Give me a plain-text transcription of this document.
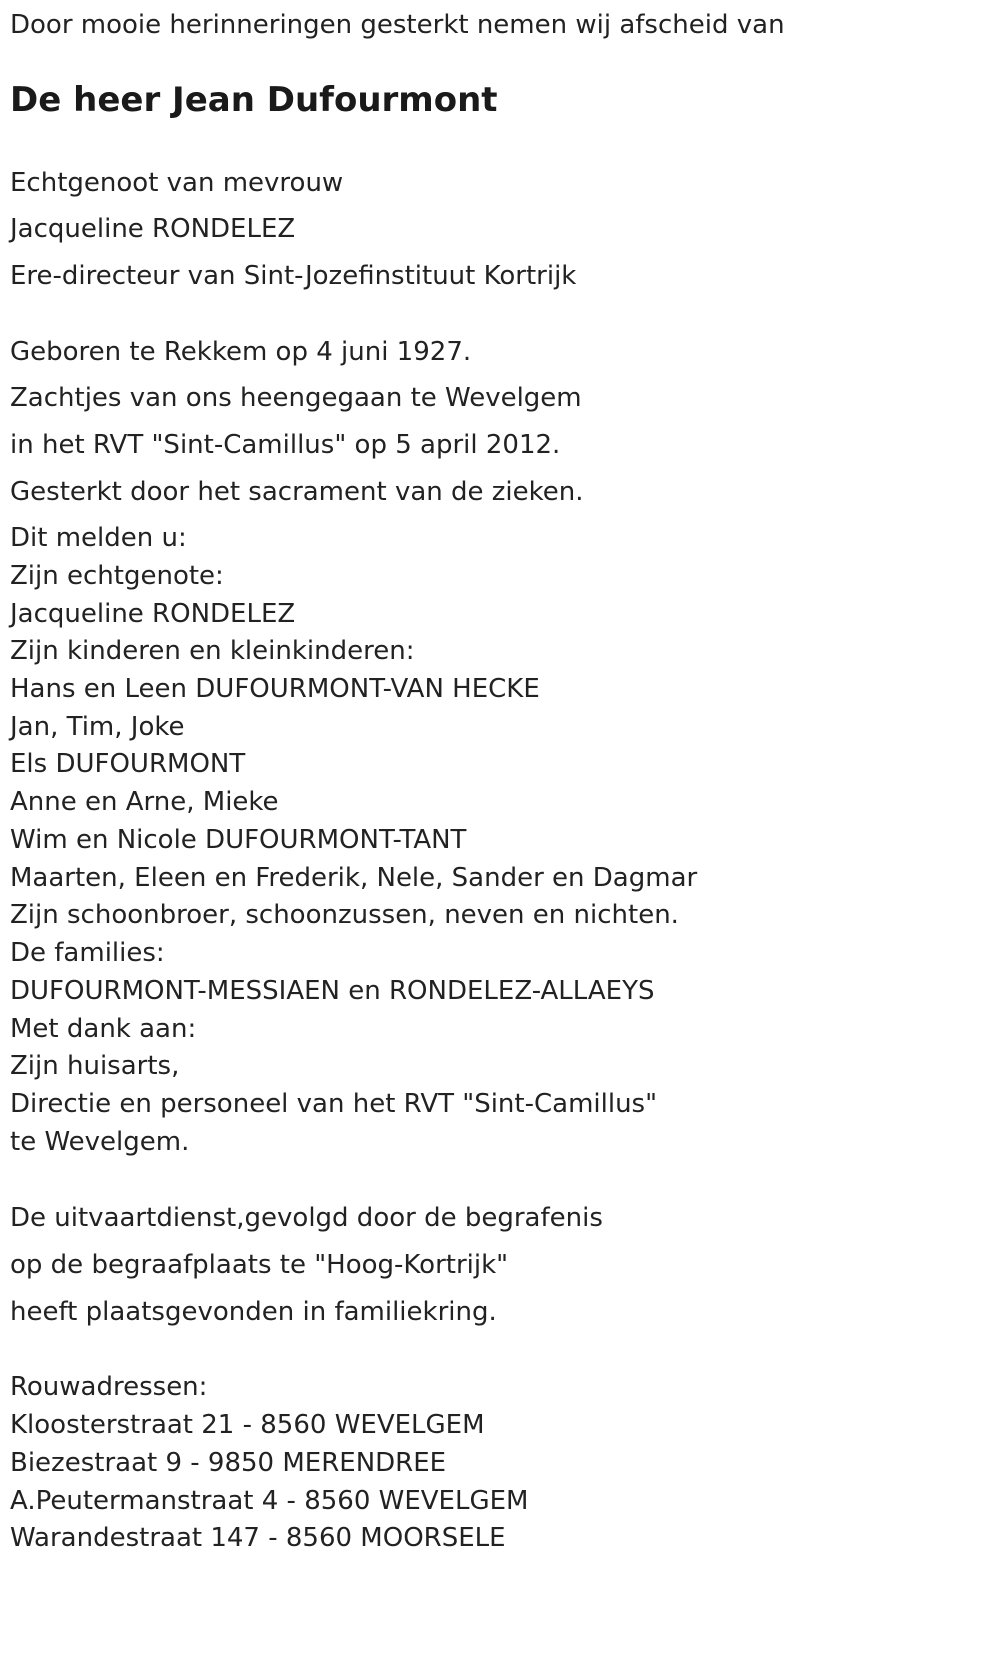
Door mooie herinneringen gesterkt nemen wij afscheid van

De heer Jean Dufourmont

Echtgenoot van mevrouw

Jacqueline RONDELEZ

Ere-directeur van Sint-Jozefinstituut Kortrijk

Geboren te Rekkem op 4 juni 1927.

Zachtjes van ons heengegaan te Wevelgem

in het RVT "Sint-Camillus" op 5 april 2012.

Gesterkt door het sacrament van de zieken.

Dit melden u:

Zijn echtgenote:

Jacqueline RONDELEZ

Zijn kinderen en kleinkinderen:

Hans en Leen DUFOURMONT-VAN HECKE

Jan, Tim, Joke

Els DUFOURMONT

Anne en Arne, Mieke

Wim en Nicole DUFOURMONT-TANT

Maarten, Eleen en Frederik, Nele, Sander en Dagmar

Zijn schoonbroer, schoonzussen, neven en nichten.

De families:

DUFOURMONT-MESSIAEN en RONDELEZ-ALLAEYS

Met dank aan:

Zijn huisarts,

Directie en personeel van het RVT "Sint-Camillus"

te Wevelgem.

De uitvaartdienst,gevolgd door de begrafenis

op de begraafplaats te "Hoog-Kortrijk"

heeft plaatsgevonden in familiekring.

Rouwadressen:

Kloosterstraat 21 - 8560 WEVELGEM

Biezestraat 9 - 9850 MERENDREE

A.Peutermanstraat 4 - 8560 WEVELGEM

Warandestraat 147 - 8560 MOORSELE
